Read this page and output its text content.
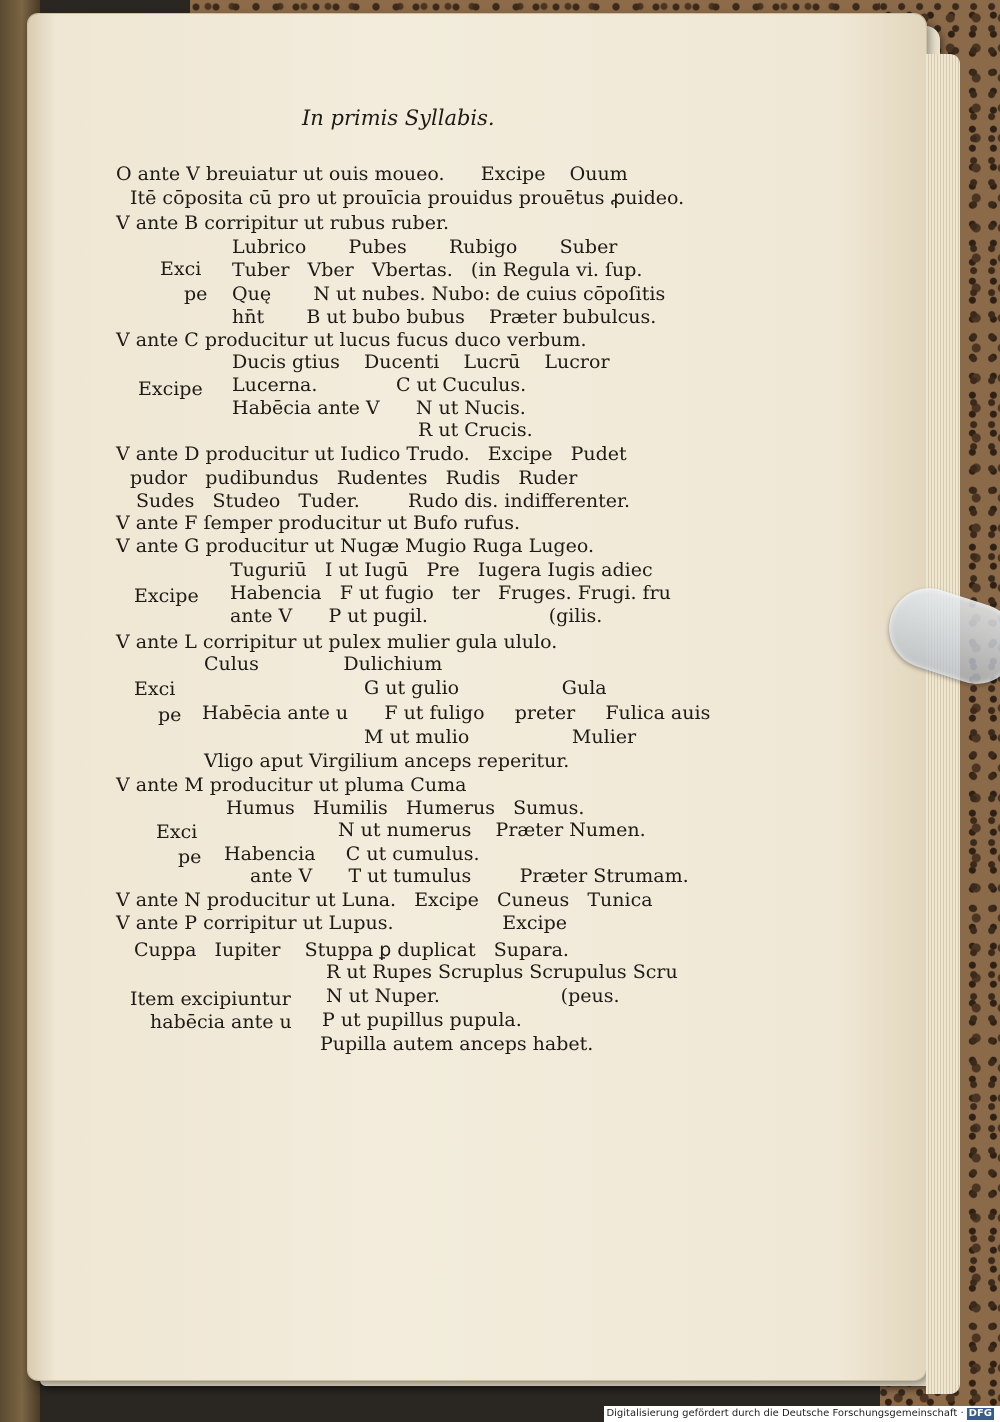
In primis Syllabis.
O ante V breuiatur ut ouis moueo.      Excipe    Ouum
Itē cōposita cū pro ut prouīcia prouidus prouētus ꝓuideo.
V ante B corripitur ut rubus ruber.
Lubrico       Pubes       Rubigo       Suber
Exci Tuber   Vber   Vbertas.   (in Regula vi. ſup.
pe Quę       N ut nubes. Nubo: de cuius cōpoſitis
hn̄t       B ut bubo bubus    Præter bubulcus.
V ante C producitur ut lucus fucus duco verbum.
Ducis gtius    Ducenti    Lucrū    Lucror
Excipe Lucerna.             C ut Cuculus.
Habēcia ante V      N ut Nucis.
R ut Crucis.
V ante D producitur ut Iudico Trudo.   Excipe   Pudet
pudor   pudibundus   Rudentes   Rudis   Ruder
Sudes   Studeo   Tuder.        Rudo dis. indifferenter.
V ante F ſemper producitur ut Bufo rufus.
V ante G producitur ut Nugæ Mugio Ruga Lugeo.
Tuguriū   I ut Iugū   Pre   Iugera Iugis adiec
Excipe Habencia   F ut fugio   ter   Fruges. Frugi. fru
ante V      P ut pugil.                    (gilis.
V ante L corripitur ut pulex mulier gula ululo.
Culus              Dulichium
Exci	G ut gulio                 Gula
pe Habēcia ante u      F ut fuligo     preter     Fulica auis
M ut mulio                 Mulier
Vligo aput Virgilium anceps reperitur.
V ante M producitur ut pluma Cuma
Humus   Humilis   Humerus   Sumus.
Exci	N ut numerus    Præter Numen.
pe Habencia     C ut cumulus.
ante V      T ut tumulus        Præter Strumam.
V ante N producitur ut Luna.   Excipe   Cuneus   Tunica
V ante P corripitur ut Lupus.                  Excipe
Cuppa   Iupiter    Stuppa ꝑ duplicat   Supara.
R ut Rupes Scruplus Scrupulus Scru
Item excipiuntur N ut Nuper.                    (peus.
habēcia ante u P ut pupillus pupula.
Pupilla autem anceps habet.
Digitalisierung gefördert durch die Deutsche Forschungsgemeinschaft · DFG
